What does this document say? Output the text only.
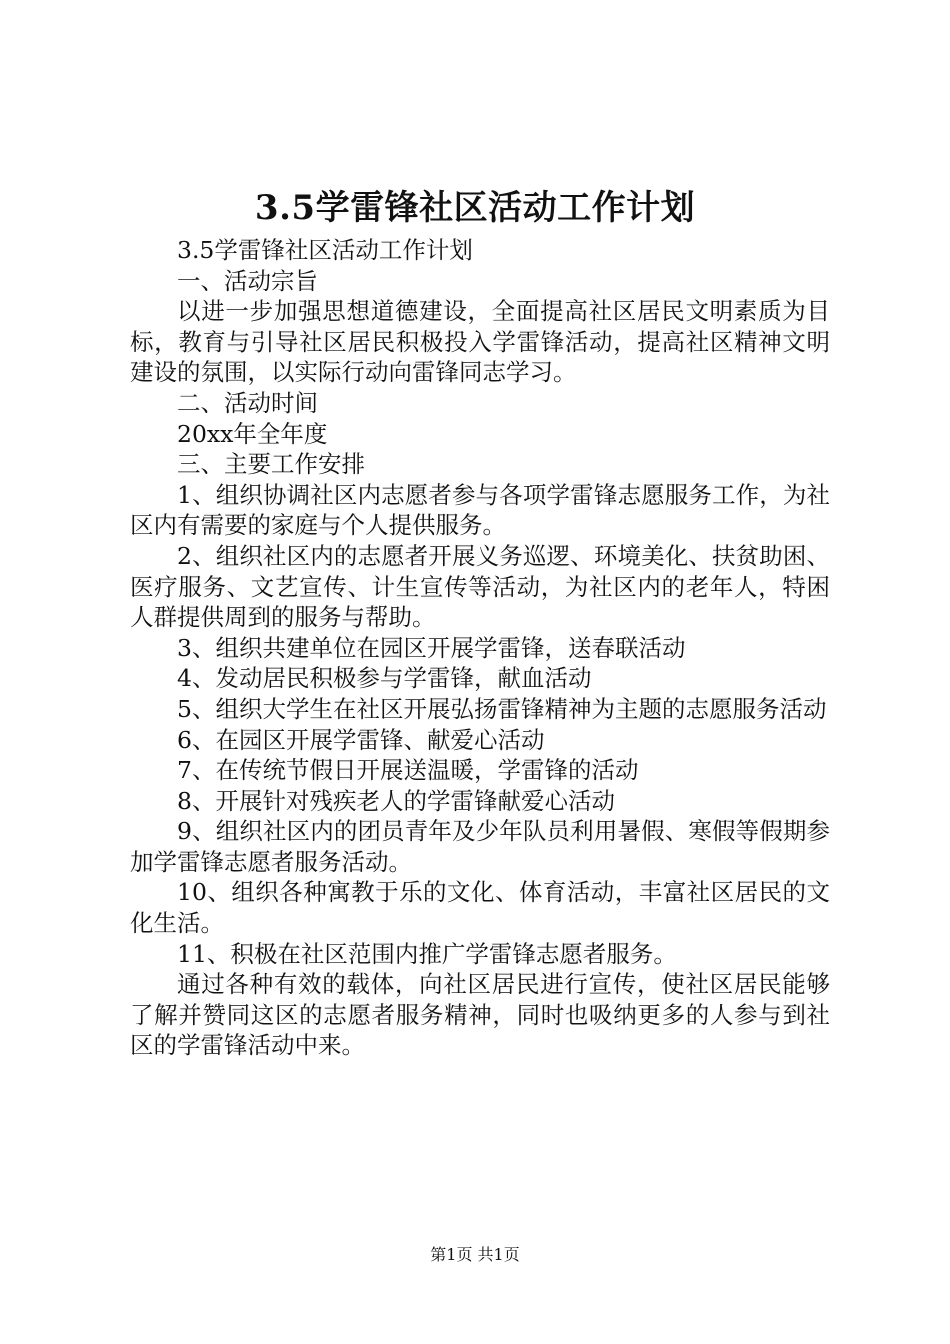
3.5学雷锋社区活动工作计划

3.5学雷锋社区活动工作计划

一、活动宗旨

以进一步加强思想道德建设，全面提高社区居民文明素质为目标，教育与引导社区居民积极投入学雷锋活动，提高社区精神文明建设的氛围，以实际行动向雷锋同志学习。

二、活动时间

20xx年全年度

三、主要工作安排

1、组织协调社区内志愿者参与各项学雷锋志愿服务工作，为社区内有需要的家庭与个人提供服务。

2、组织社区内的志愿者开展义务巡逻、环境美化、扶贫助困、医疗服务、文艺宣传、计生宣传等活动，为社区内的老年人，特困人群提供周到的服务与帮助。

3、组织共建单位在园区开展学雷锋，送春联活动

4、发动居民积极参与学雷锋，献血活动

5、组织大学生在社区开展弘扬雷锋精神为主题的志愿服务活动

6、在园区开展学雷锋、献爱心活动

7、在传统节假日开展送温暖，学雷锋的活动

8、开展针对残疾老人的学雷锋献爱心活动

9、组织社区内的团员青年及少年队员利用暑假、寒假等假期参加学雷锋志愿者服务活动。

10、组织各种寓教于乐的文化、体育活动，丰富社区居民的文化生活。

11、积极在社区范围内推广学雷锋志愿者服务。

通过各种有效的载体，向社区居民进行宣传，使社区居民能够了解并赞同这区的志愿者服务精神，同时也吸纳更多的人参与到社区的学雷锋活动中来。

第1页 共1页
